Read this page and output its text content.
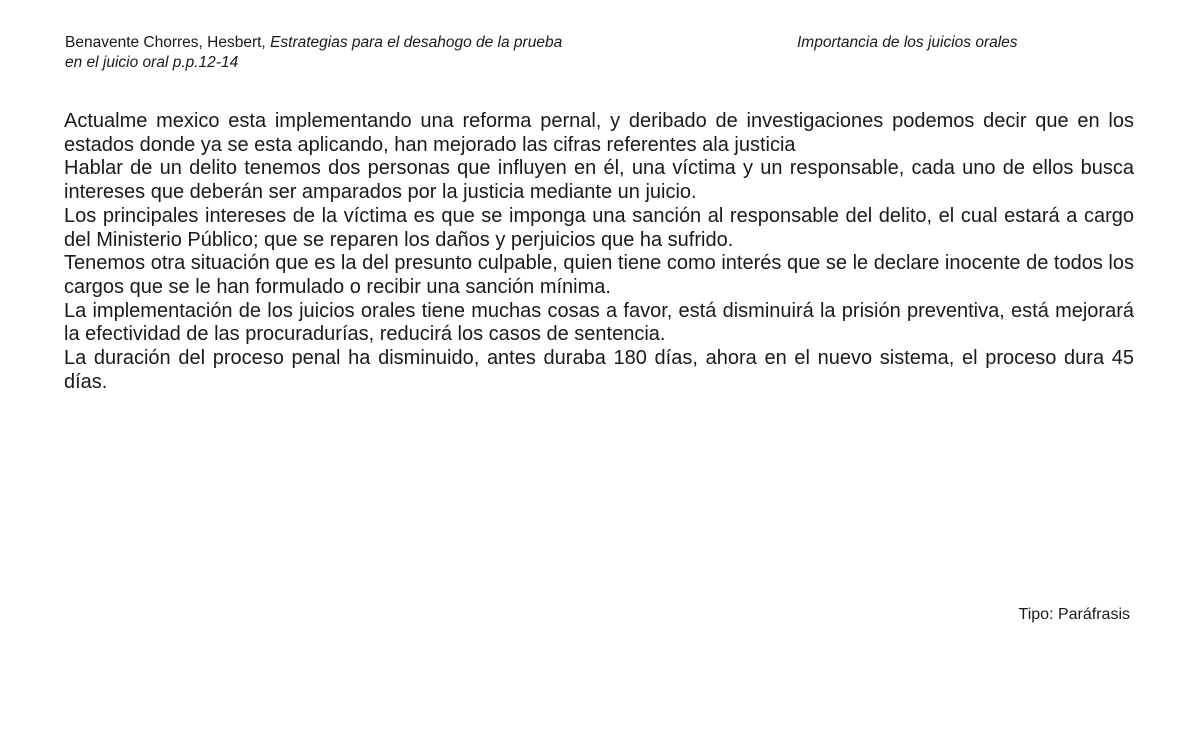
Benavente Chorres, Hesbert, Estrategias para el desahogo de la prueba en el juicio oral p.p.12-14
Importancia de los juicios orales

Actualme mexico esta implementando una reforma pernal, y deribado de investigaciones podemos decir que en los estados donde ya se esta aplicando, han mejorado las cifras referentes ala justicia

Hablar de un delito tenemos dos personas que influyen en él, una víctima y un responsable, cada uno de ellos busca intereses que deberán ser amparados por la justicia mediante un juicio.

Los principales intereses de la víctima es que se imponga una sanción al responsable del delito, el cual estará a cargo del Ministerio Público; que se reparen los daños y perjuicios que ha sufrido.

Tenemos otra situación que es la del presunto culpable, quien tiene como interés que se le declare inocente de todos los cargos que se le han formulado o recibir una sanción mínima.

La implementación de los juicios orales tiene muchas cosas a favor, está disminuirá la prisión preventiva, está mejorará la efectividad de las procuradurías, reducirá los casos de sentencia.

La duración del proceso penal ha disminuido, antes duraba 180 días, ahora en el nuevo sistema, el proceso dura 45 días.

Tipo: Paráfrasis
